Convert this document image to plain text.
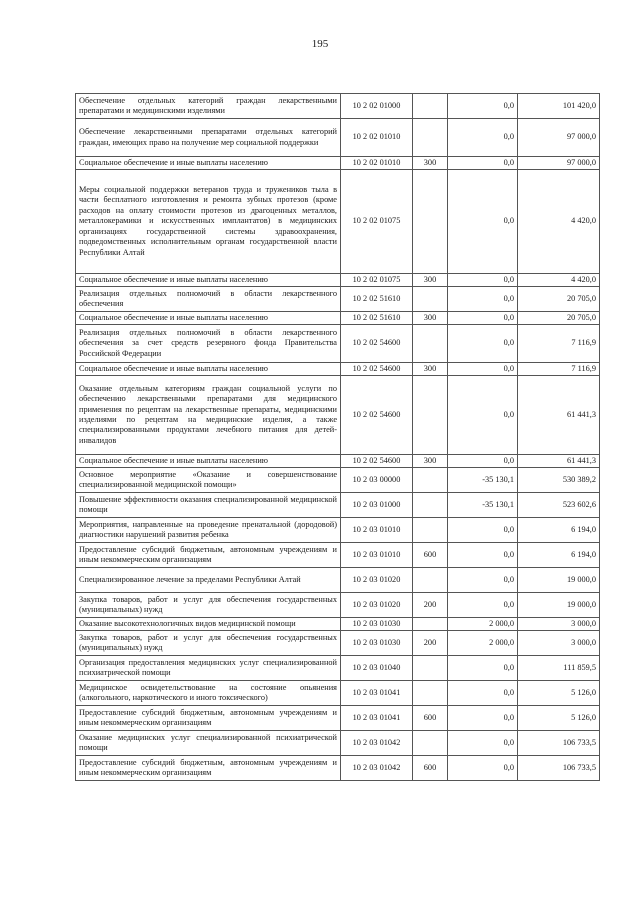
195
Обеспечение отдельных категорий граждан лекарственными препаратами и медицинскими изделиями	10 2 02 01000		0,0	101 420,0
Обеспечение лекарственными препаратами отдельных категорий граждан, имеющих право на получение мер социальной поддержки	10 2 02 01010		0,0	97 000,0
Социальное обеспечение и иные выплаты населению	10 2 02 01010	300	0,0	97 000,0
Меры социальной поддержки ветеранов труда и тружеников тыла в части бесплатного изготовления и ремонта зубных протезов (кроме расходов на оплату стоимости протезов из драгоценных металлов, металлокерамики и искусственных имплантатов) в медицинских организациях государственной системы здравоохранения, подведомственных исполнительным органам государственной власти Республики Алтай	10 2 02 01075		0,0	4 420,0
Социальное обеспечение и иные выплаты населению	10 2 02 01075	300	0,0	4 420,0
Реализация отдельных полномочий в области лекарственного обеспечения	10 2 02 51610		0,0	20 705,0
Социальное обеспечение и иные выплаты населению	10 2 02 51610	300	0,0	20 705,0
Реализация отдельных полномочий в области лекарственного обеспечения за счет средств резервного фонда Правительства Российской Федерации	10 2 02 54600		0,0	7 116,9
Социальное обеспечение и иные выплаты населению	10 2 02 54600	300	0,0	7 116,9
Оказание отдельным категориям граждан социальной услуги по обеспечению лекарственными препаратами для медицинского применения по рецептам на лекарственные препараты, медицинскими изделиями по рецептам на медицинские изделия, а также специализированными продуктами лечебного питания для детей-инвалидов	10 2 02 54600		0,0	61 441,3
Социальное обеспечение и иные выплаты населению	10 2 02 54600	300	0,0	61 441,3
Основное мероприятие «Оказание и совершенствование специализированной медицинской помощи»	10 2 03 00000		-35 130,1	530 389,2
Повышение эффективности оказания специализированной медицинской помощи	10 2 03 01000		-35 130,1	523 602,6
Мероприятия, направленные на проведение пренатальной (дородовой) диагностики нарушений развития ребенка	10 2 03 01010		0,0	6 194,0
Предоставление субсидий бюджетным, автономным учреждениям и иным некоммерческим организациям	10 2 03 01010	600	0,0	6 194,0
Специализированное лечение за пределами Республики Алтай	10 2 03 01020		0,0	19 000,0
Закупка товаров, работ и услуг для обеспечения государственных (муниципальных) нужд	10 2 03 01020	200	0,0	19 000,0
Оказание высокотехнологичных видов медицинской помощи	10 2 03 01030		2 000,0	3 000,0
Закупка товаров, работ и услуг для обеспечения государственных (муниципальных) нужд	10 2 03 01030	200	2 000,0	3 000,0
Организация предоставления медицинских услуг специализированной психиатрической помощи	10 2 03 01040		0,0	111 859,5
Медицинское освидетельствование на состояние опьянения (алкогольного, наркотического и иного токсического)	10 2 03 01041		0,0	5 126,0
Предоставление субсидий бюджетным, автономным учреждениям и иным некоммерческим организациям	10 2 03 01041	600	0,0	5 126,0
Оказание медицинских услуг специализированной психиатрической помощи	10 2 03 01042		0,0	106 733,5
Предоставление субсидий бюджетным, автономным учреждениям и иным некоммерческим организациям	10 2 03 01042	600	0,0	106 733,5
